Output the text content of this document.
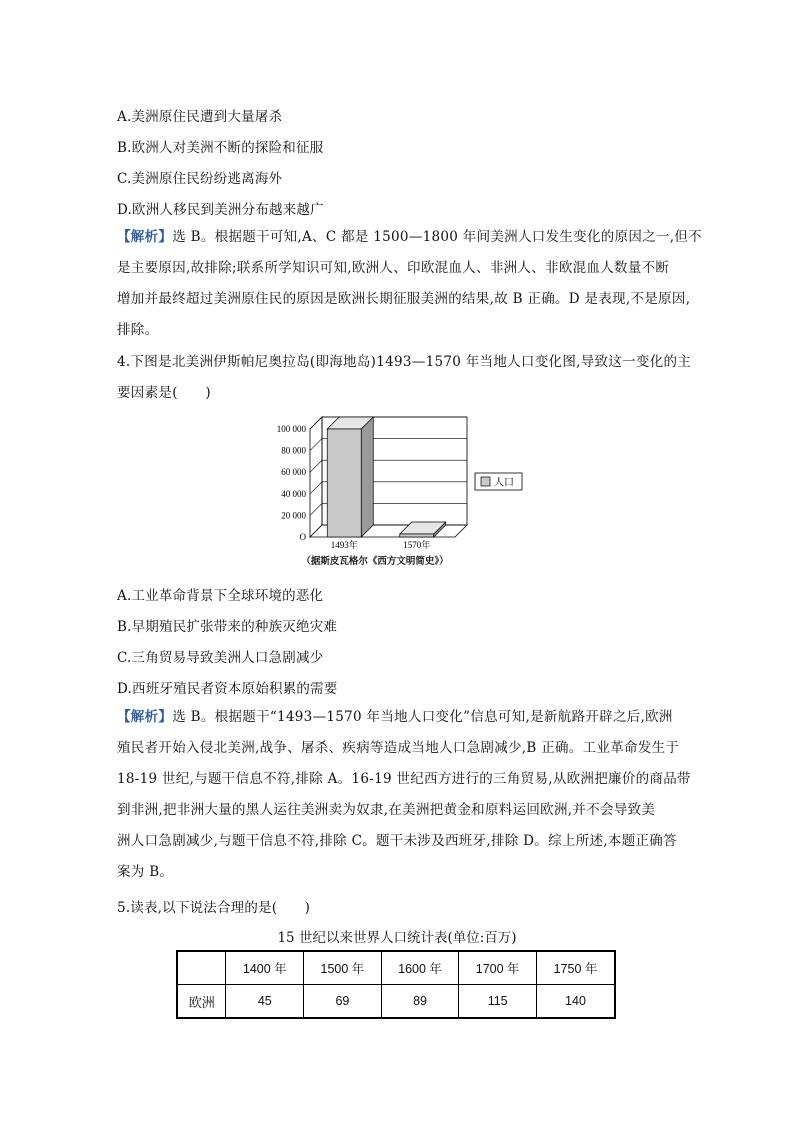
A.美洲原住民遭到大量屠杀
B.欧洲人对美洲不断的探险和征服
C.美洲原住民纷纷逃离海外
D.欧洲人移民到美洲分布越来越广
【解析】选 B。根据题干可知,A、C 都是 1500—1800 年间美洲人口发生变化的原因之一,但不
是主要原因,故排除;联系所学知识可知,欧洲人、印欧混血人、非洲人、非欧混血人数量不断
增加并最终超过美洲原住民的原因是欧洲长期征服美洲的结果,故 B 正确。D 是表现,不是原因,
排除。
4.下图是北美洲伊斯帕尼奥拉岛(即海地岛)1493—1570 年当地人口变化图,导致这一变化的主
要因素是(　　)
100 000
80 000
60 000
40 000
20 000
O
1493年	1570年
人口
（据斯皮瓦格尔《西方文明简史》）
A.工业革命背景下全球环境的恶化
B.早期殖民扩张带来的种族灭绝灾难
C.三角贸易导致美洲人口急剧减少
D.西班牙殖民者资本原始积累的需要
【解析】选 B。根据题干“1493—1570 年当地人口变化”信息可知,是新航路开辟之后,欧洲
殖民者开始入侵北美洲,战争、屠杀、疾病等造成当地人口急剧减少,B 正确。工业革命发生于
18-19 世纪,与题干信息不符,排除 A。16-19 世纪西方进行的三角贸易,从欧洲把廉价的商品带
到非洲,把非洲大量的黑人运往美洲卖为奴隶,在美洲把黄金和原料运回欧洲,并不会导致美
洲人口急剧减少,与题干信息不符,排除 C。题干未涉及西班牙,排除 D。综上所述,本题正确答
案为 B。
5.读表,以下说法合理的是(　　)
15 世纪以来世界人口统计表(单位:百万)
	1400 年	1500 年	1600 年	1700 年	1750 年
欧洲	45	69	89	115	140
